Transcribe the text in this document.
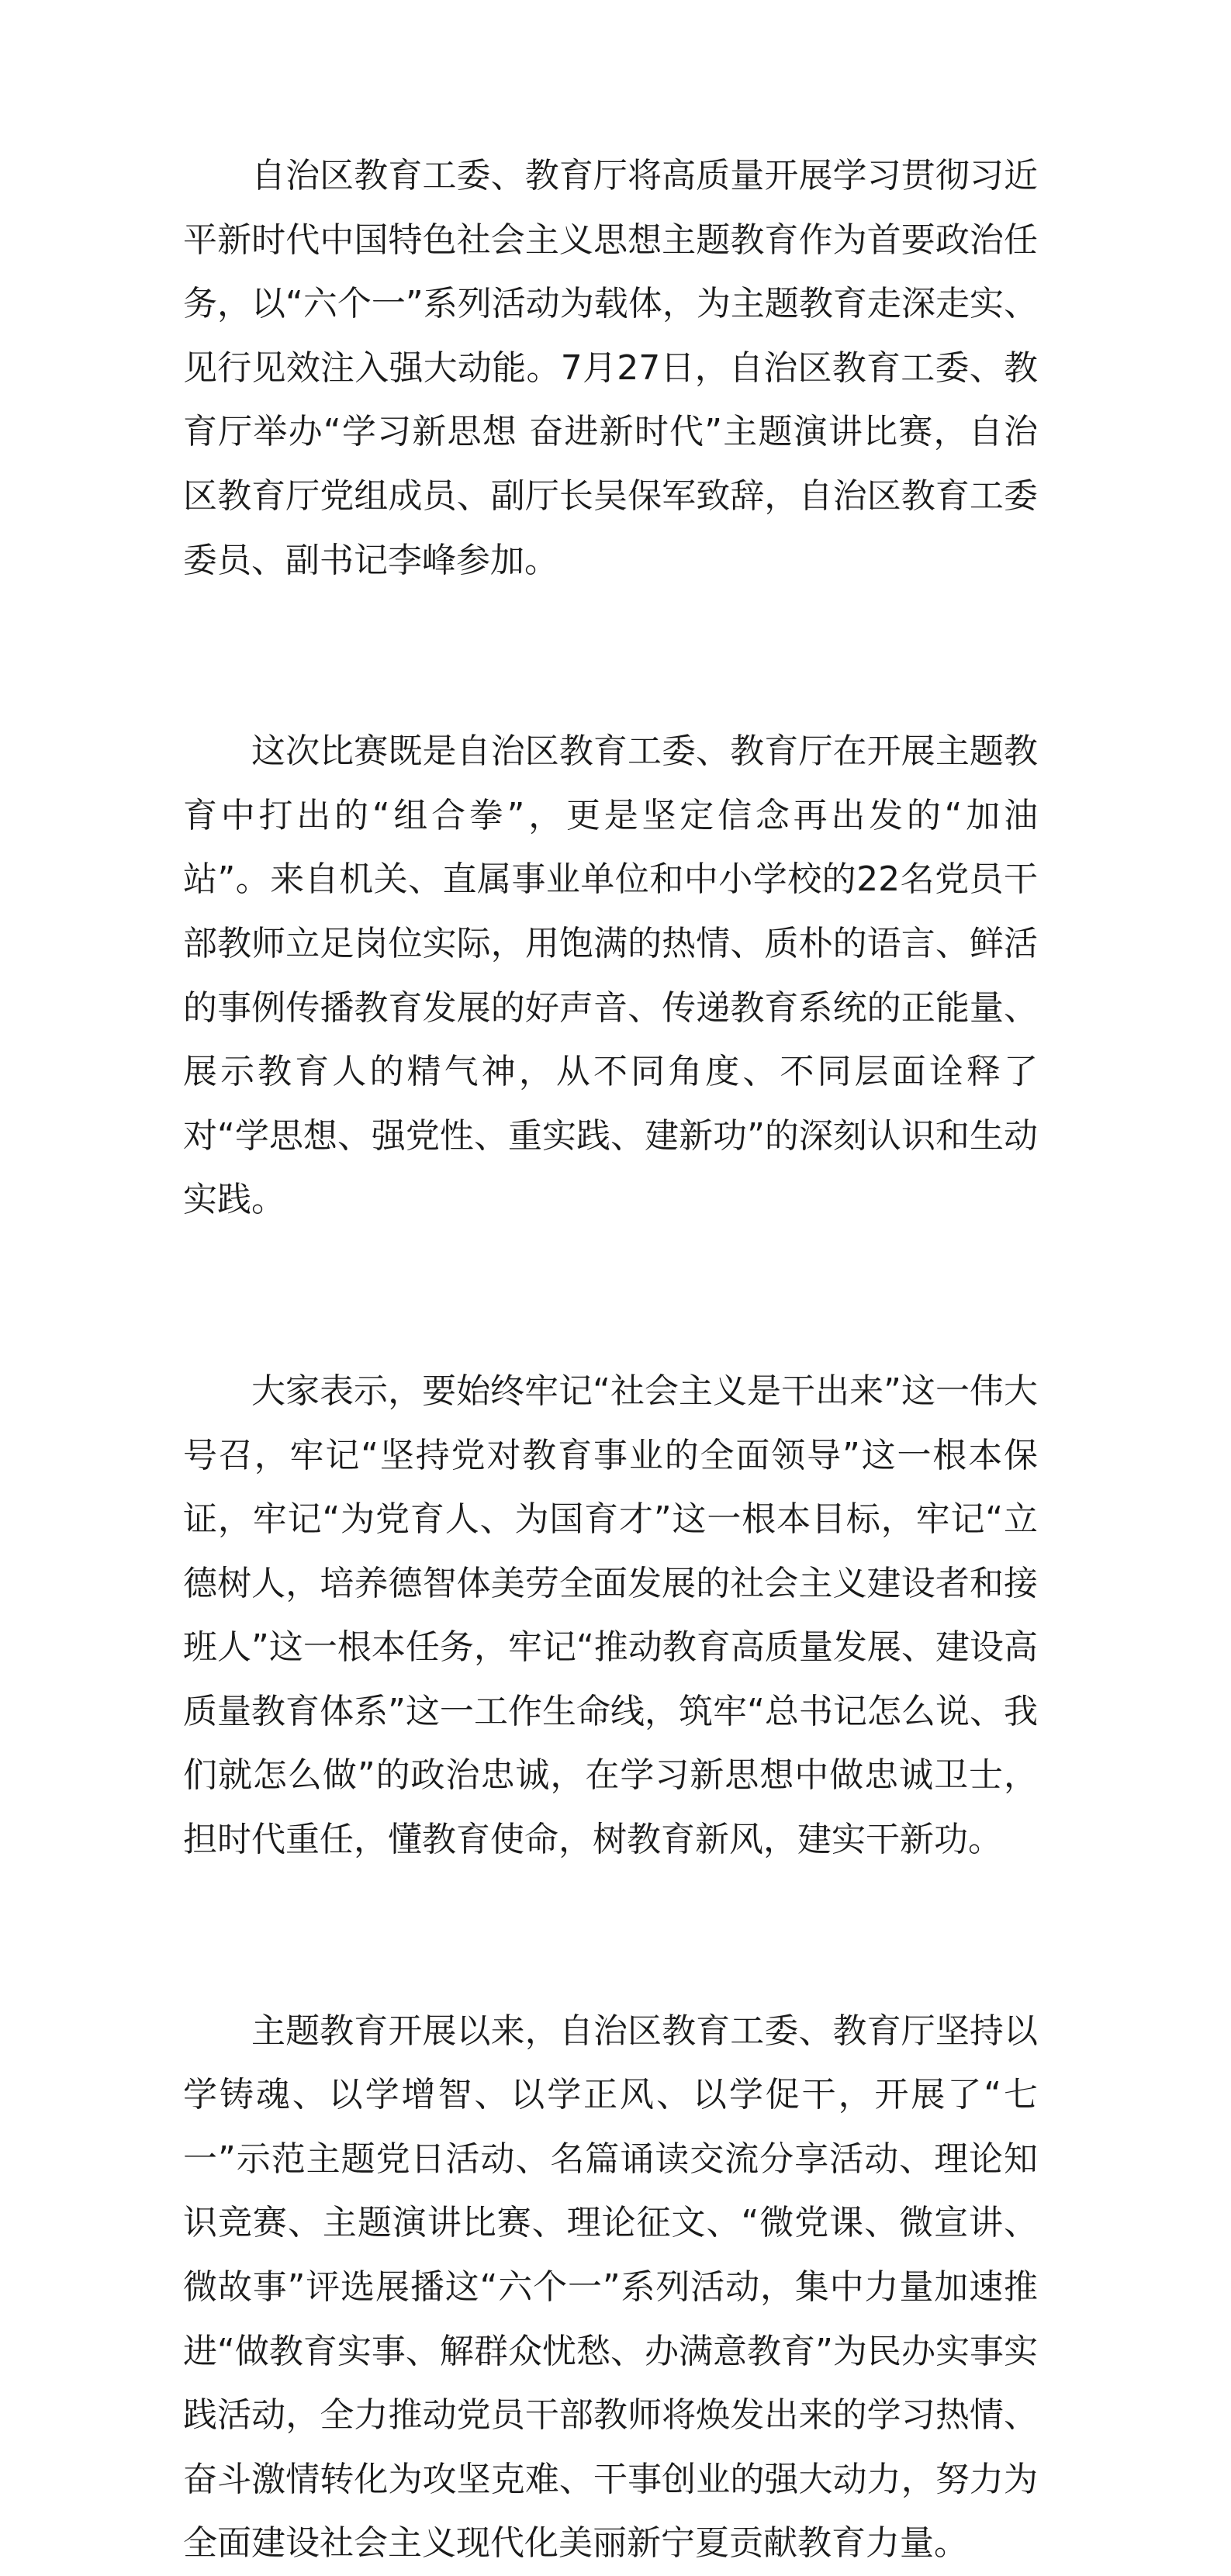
自治区教育工委、教育厅将高质量开展学习贯彻习近平新时代中国特色社会主义思想主题教育作为首要政治任务，以“六个一”系列活动为载体，为主题教育走深走实、见行见效注入强大动能。7月27日，自治区教育工委、教育厅举办“学习新思想 奋进新时代”主题演讲比赛，自治区教育厅党组成员、副厅长吴保军致辞，自治区教育工委委员、副书记李峰参加。

这次比赛既是自治区教育工委、教育厅在开展主题教育中打出的“组合拳”，更是坚定信念再出发的“加油站”。来自机关、直属事业单位和中小学校的22名党员干部教师立足岗位实际，用饱满的热情、质朴的语言、鲜活的事例传播教育发展的好声音、传递教育系统的正能量、展示教育人的精气神，从不同角度、不同层面诠释了对“学思想、强党性、重实践、建新功”的深刻认识和生动实践。

大家表示，要始终牢记“社会主义是干出来”这一伟大号召，牢记“坚持党对教育事业的全面领导”这一根本保证，牢记“为党育人、为国育才”这一根本目标，牢记“立德树人，培养德智体美劳全面发展的社会主义建设者和接班人”这一根本任务，牢记“推动教育高质量发展、建设高质量教育体系”这一工作生命线，筑牢“总书记怎么说、我们就怎么做”的政治忠诚，在学习新思想中做忠诚卫士，担时代重任，懂教育使命，树教育新风，建实干新功。

主题教育开展以来，自治区教育工委、教育厅坚持以学铸魂、以学增智、以学正风、以学促干，开展了“七一”示范主题党日活动、名篇诵读交流分享活动、理论知识竞赛、主题演讲比赛、理论征文、“微党课、微宣讲、微故事”评选展播这“六个一”系列活动，集中力量加速推进“做教育实事、解群众忧愁、办满意教育”为民办实事实践活动，全力推动党员干部教师将焕发出来的学习热情、奋斗激情转化为攻坚克难、干事创业的强大动力，努力为全面建设社会主义现代化美丽新宁夏贡献教育力量。
